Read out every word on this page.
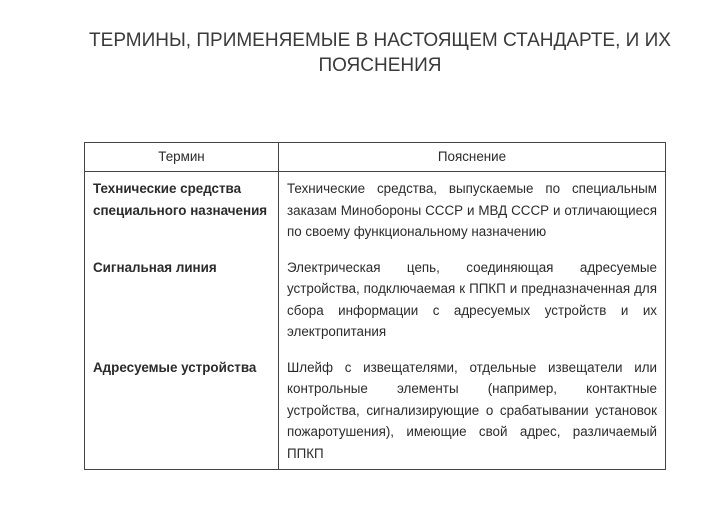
ТЕРМИНЫ, ПРИМЕНЯЕМЫЕ В НАСТОЯЩЕМ СТАНДАРТЕ, И ИХ ПОЯСНЕНИЯ
Термин	Пояснение
Технические средства специального назначения	Технические средства, выпускаемые по специальным заказам Минобороны СССР и МВД СССР и отличающиеся по своему функциональному назначению
Сигнальная линия	Электрическая цепь, соединяющая адресуемые устройства, подключаемая к ППКП и предназначенная для сбора информации с адресуемых устройств и их электропитания
Адресуемые устройства	Шлейф с извещателями, отдельные извещатели или контрольные элементы (например, контактные устройства, сигнализирующие о срабатывании установок пожаротушения), имеющие свой адрес, различаемый ППКП
